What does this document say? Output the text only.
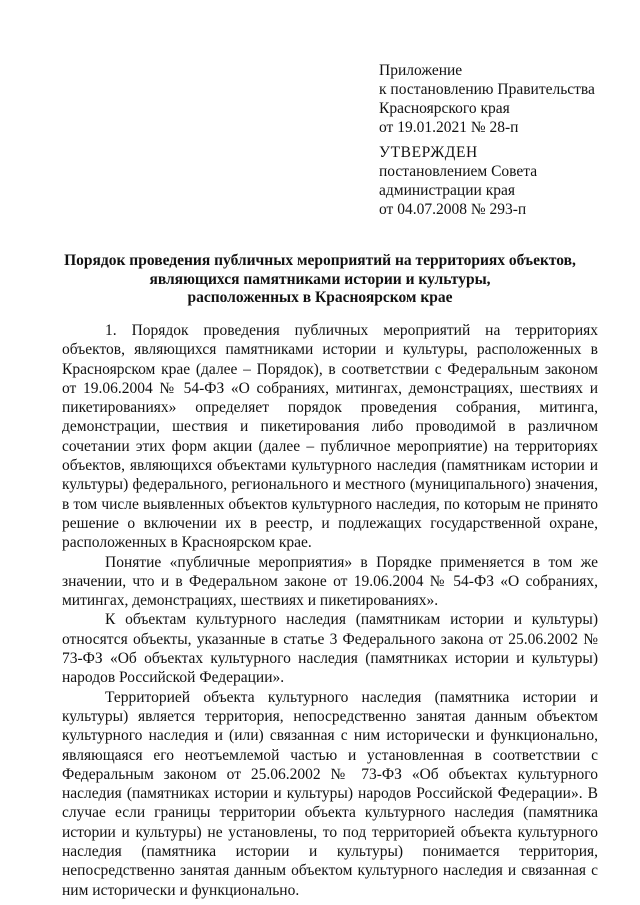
Приложение
к постановлению Правительства
Красноярского края
от 19.01.2021 № 28-п
УТВЕРЖДЕН
постановлением Совета
администрации края
от 04.07.2008 № 293-п
Порядок проведения публичных мероприятий на территориях объектов,
являющихся памятниками истории и культуры,
расположенных в Красноярском крае

1. Порядок проведения публичных мероприятий на территориях объектов, являющихся памятниками истории и культуры, расположенных в Красноярском крае (далее – Порядок), в соответствии с Федеральным законом от 19.06.2004 № 54-ФЗ «О собраниях, митингах, демонстрациях, шествиях и пикетированиях» определяет порядок проведения собрания, митинга, демонстрации, шествия и пикетирования либо проводимой в различном сочетании этих форм акции (далее – публичное мероприятие) на территориях объектов, являющихся объектами культурного наследия (памятникам истории и культуры) федерального, регионального и местного (муниципального) значения, в том числе выявленных объектов культурного наследия, по которым не принято решение о включении их в реестр, и подлежащих государственной охране, расположенных в Красноярском крае.

Понятие «публичные мероприятия» в Порядке применяется в том же значении, что и в Федеральном законе от 19.06.2004 № 54-ФЗ «О собраниях, митингах, демонстрациях, шествиях и пикетированиях».

К объектам культурного наследия (памятникам истории и культуры) относятся объекты, указанные в статье 3 Федерального закона от 25.06.2002 № 73-ФЗ «Об объектах культурного наследия (памятниках истории и культуры) народов Российской Федерации».

Территорией объекта культурного наследия (памятника истории и культуры) является территория, непосредственно занятая данным объектом культурного наследия и (или) связанная с ним исторически и функционально, являющаяся его неотъемлемой частью и установленная в соответствии с Федеральным законом от 25.06.2002 № 73-ФЗ «Об объектах культурного наследия (памятниках истории и культуры) народов Российской Федерации». В случае если границы территории объекта культурного наследия (памятника истории и культуры) не установлены, то под территорией объекта культурного наследия (памятника истории и культуры) понимается территория, непосредственно занятая данным объектом культурного наследия и связанная с ним исторически и функционально.
